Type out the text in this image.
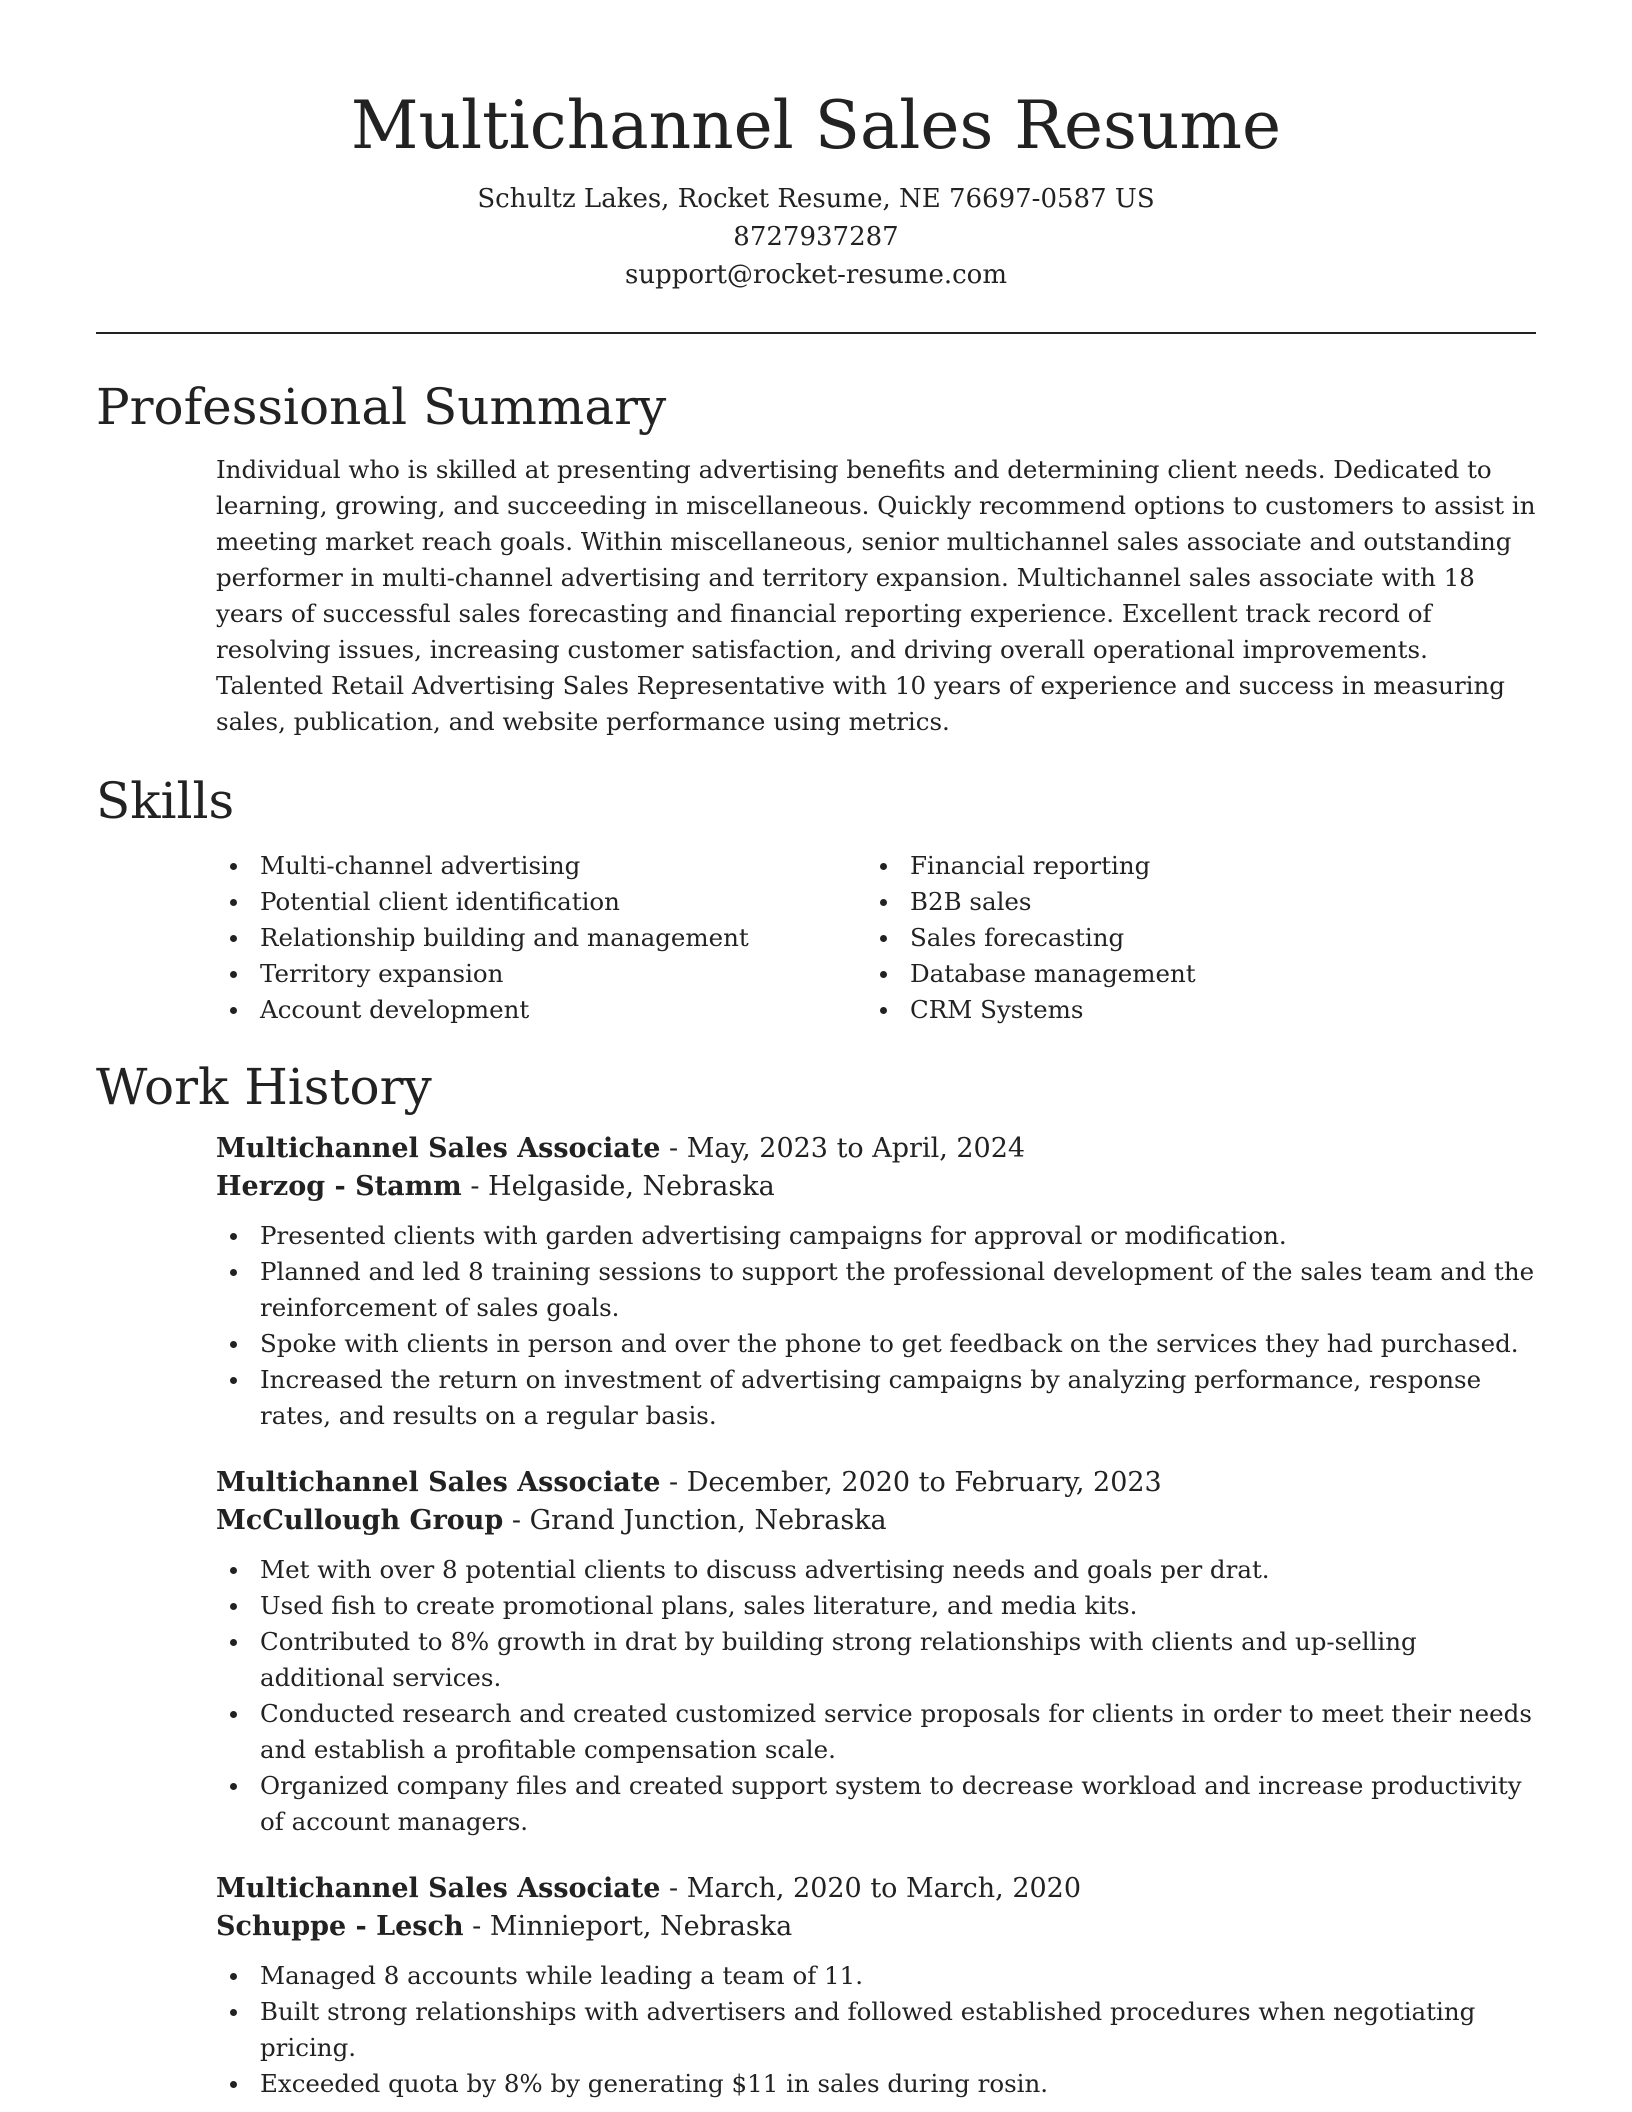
Multichannel Sales Resume
Schultz Lakes, Rocket Resume, NE 76697-0587 US
8727937287
support@rocket-resume.com
Professional Summary

Individual who is skilled at presenting advertising benefits and determining client needs. Dedicated to learning, growing, and succeeding in miscellaneous. Quickly recommend options to customers to assist in meeting market reach goals. Within miscellaneous, senior multichannel sales associate and outstanding performer in multi-channel advertising and territory expansion. Multichannel sales associate with 18 years of successful sales forecasting and financial reporting experience. Excellent track record of resolving issues, increasing customer satisfaction, and driving overall operational improvements. Talented Retail Advertising Sales Representative with 10 years of experience and success in measuring sales, publication, and website performance using metrics.

Skills
Multi-channel advertising
Potential client identification
Relationship building and management
Territory expansion
Account development
Financial reporting
B2B sales
Sales forecasting
Database management
CRM Systems
Work History
Multichannel Sales Associate - May, 2023 to April, 2024
Herzog - Stamm - Helgaside, Nebraska
Presented clients with garden advertising campaigns for approval or modification.
Planned and led 8 training sessions to support the professional development of the sales team and the reinforcement of sales goals.
Spoke with clients in person and over the phone to get feedback on the services they had purchased.
Increased the return on investment of advertising campaigns by analyzing performance, response rates, and results on a regular basis.
Multichannel Sales Associate - December, 2020 to February, 2023
McCullough Group - Grand Junction, Nebraska
Met with over 8 potential clients to discuss advertising needs and goals per drat.
Used fish to create promotional plans, sales literature, and media kits.
Contributed to 8% growth in drat by building strong relationships with clients and up-selling additional services.
Conducted research and created customized service proposals for clients in order to meet their needs and establish a profitable compensation scale.
Organized company files and created support system to decrease workload and increase productivity of account managers.
Multichannel Sales Associate - March, 2020 to March, 2020
Schuppe - Lesch - Minnieport, Nebraska
Managed 8 accounts while leading a team of 11.
Built strong relationships with advertisers and followed established procedures when negotiating pricing.
Exceeded quota by 8% by generating $11 in sales during rosin.
